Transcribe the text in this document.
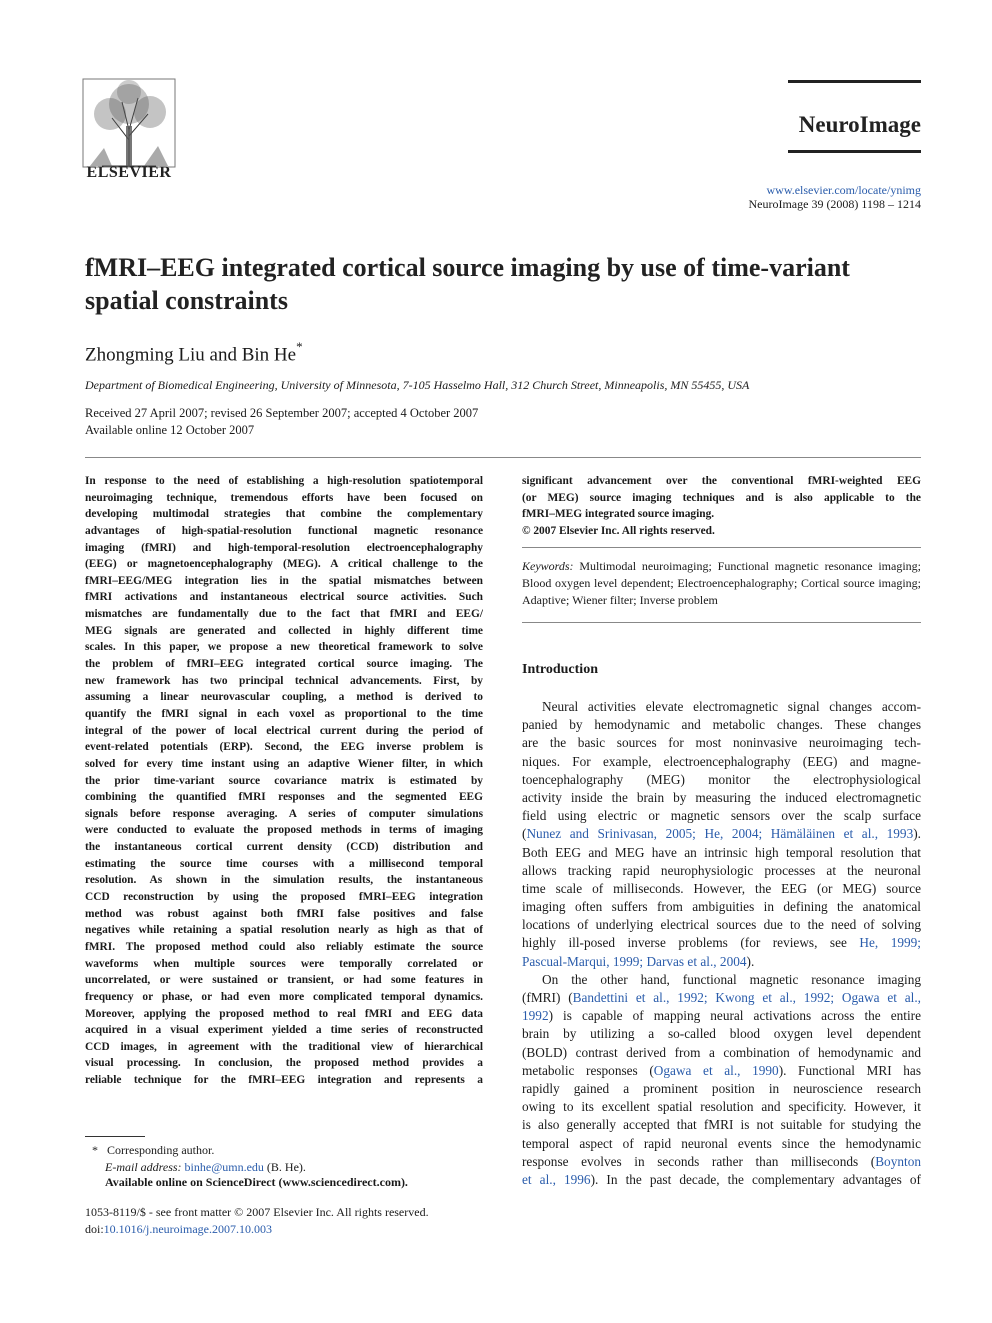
ELSEVIER
NeuroImage
www.elsevier.com/locate/ynimg
NeuroImage 39 (2008) 1198 – 1214
fMRI–EEG integrated cortical source imaging by use of time-variant
spatial constraints
Zhongming Liu and Bin He*
Department of Biomedical Engineering, University of Minnesota, 7-105 Hasselmo Hall, 312 Church Street, Minneapolis, MN 55455, USA
Received 27 April 2007; revised 26 September 2007; accepted 4 October 2007
Available online 12 October 2007
In response to the need of establishing a high-resolution spatiotemporal
neuroimaging technique, tremendous efforts have been focused on
developing multimodal strategies that combine the complementary
advantages of high-spatial-resolution functional magnetic resonance
imaging (fMRI) and high-temporal-resolution electroencephalography
(EEG) or magnetoencephalography (MEG). A critical challenge to the
fMRI–EEG/MEG integration lies in the spatial mismatches between
fMRI activations and instantaneous electrical source activities. Such
mismatches are fundamentally due to the fact that fMRI and EEG/
MEG signals are generated and collected in highly different time
scales. In this paper, we propose a new theoretical framework to solve
the problem of fMRI–EEG integrated cortical source imaging. The
new framework has two principal technical advancements. First, by
assuming a linear neurovascular coupling, a method is derived to
quantify the fMRI signal in each voxel as proportional to the time
integral of the power of local electrical current during the period of
event-related potentials (ERP). Second, the EEG inverse problem is
solved for every time instant using an adaptive Wiener filter, in which
the prior time-variant source covariance matrix is estimated by
combining the quantified fMRI responses and the segmented EEG
signals before response averaging. A series of computer simulations
were conducted to evaluate the proposed methods in terms of imaging
the instantaneous cortical current density (CCD) distribution and
estimating the source time courses with a millisecond temporal
resolution. As shown in the simulation results, the instantaneous
CCD reconstruction by using the proposed fMRI–EEG integration
method was robust against both fMRI false positives and false
negatives while retaining a spatial resolution nearly as high as that of
fMRI. The proposed method could also reliably estimate the source
waveforms when multiple sources were temporally correlated or
uncorrelated, or were sustained or transient, or had some features in
frequency or phase, or had even more complicated temporal dynamics.
Moreover, applying the proposed method to real fMRI and EEG data
acquired in a visual experiment yielded a time series of reconstructed
CCD images, in agreement with the traditional view of hierarchical
visual processing. In conclusion, the proposed method provides a
reliable technique for the fMRI–EEG integration and represents a
significant advancement over the conventional fMRI-weighted EEG
(or MEG) source imaging techniques and is also applicable to the
fMRI–MEG integrated source imaging.
© 2007 Elsevier Inc. All rights reserved.
Keywords: Multimodal neuroimaging; Functional magnetic resonance imaging; Blood oxygen level dependent; Electroencephalography; Cortical source imaging; Adaptive; Wiener filter; Inverse problem
Introduction
Neural activities elevate electromagnetic signal changes accom-
panied by hemodynamic and metabolic changes. These changes
are the basic sources for most noninvasive neuroimaging tech-
niques. For example, electroencephalography (EEG) and magne-
toencephalography (MEG) monitor the electrophysiological
activity inside the brain by measuring the induced electromagnetic
field using electric or magnetic sensors over the scalp surface
(Nunez and Srinivasan, 2005; He, 2004; Hämäläinen et al., 1993).
Both EEG and MEG have an intrinsic high temporal resolution that
allows tracking rapid neurophysiologic processes at the neuronal
time scale of milliseconds. However, the EEG (or MEG) source
imaging often suffers from ambiguities in defining the anatomical
locations of underlying electrical sources due to the need of solving
highly ill-posed inverse problems (for reviews, see He, 1999;
Pascual-Marqui, 1999; Darvas et al., 2004).
On the other hand, functional magnetic resonance imaging
(fMRI) (Bandettini et al., 1992; Kwong et al., 1992; Ogawa et al.,
1992) is capable of mapping neural activations across the entire
brain by utilizing a so-called blood oxygen level dependent
(BOLD) contrast derived from a combination of hemodynamic and
metabolic responses (Ogawa et al., 1990). Functional MRI has
rapidly gained a prominent position in neuroscience research
owing to its excellent spatial resolution and specificity. However, it
is also generally accepted that fMRI is not suitable for studying the
temporal aspect of rapid neuronal events since the hemodynamic
response evolves in seconds rather than milliseconds (Boynton
et al., 1996). In the past decade, the complementary advantages of
* Corresponding author.
E-mail address: binhe@umn.edu (B. He).
Available online on ScienceDirect (www.sciencedirect.com).
1053-8119/$ - see front matter © 2007 Elsevier Inc. All rights reserved.
doi:10.1016/j.neuroimage.2007.10.003
